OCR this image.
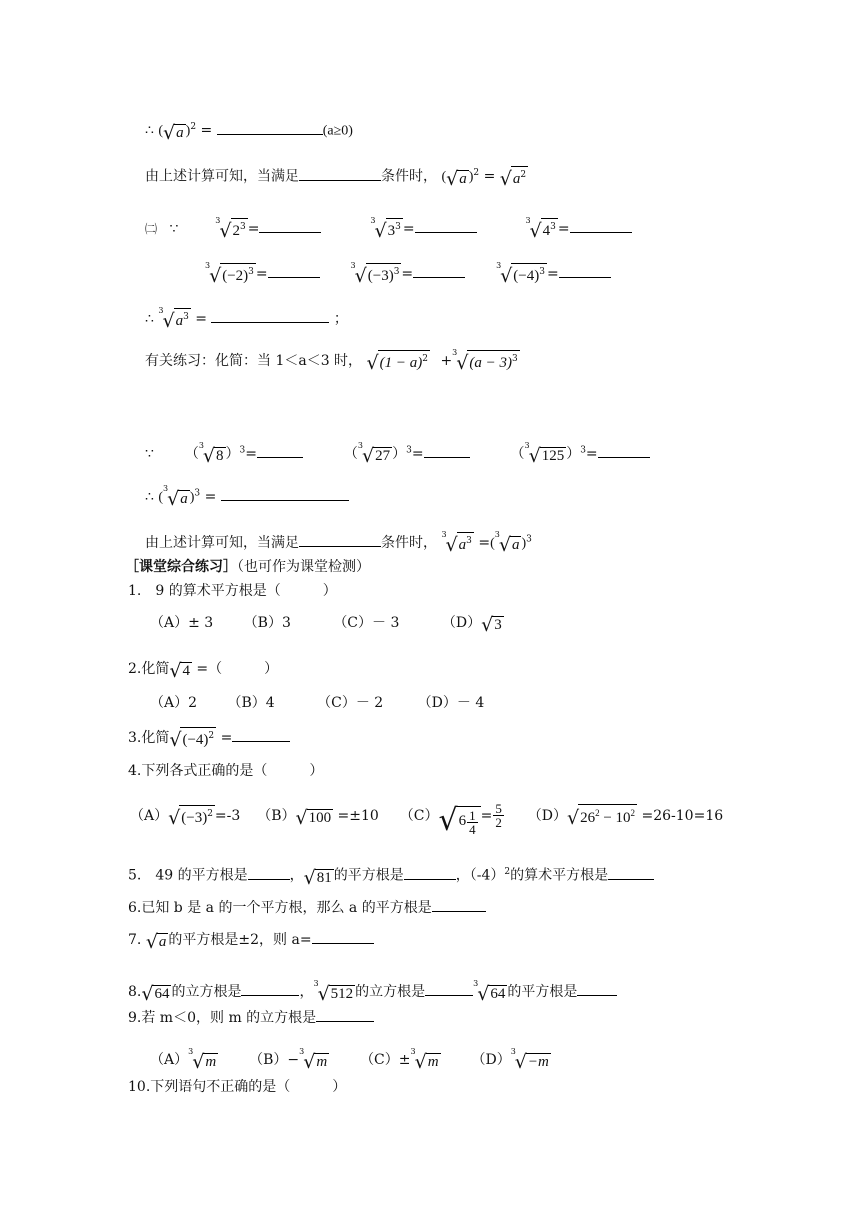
∴ ( √ a )$^2$ =	(a≥0)
由上述计算可知，当满足	条件时， ( √ a )$^2$ = √ $a^2$
㈡ ∵  $^3$ √ $2^3 = ^3$ √ $3^3 = ^3$ √ $4^3$ =
$^3$ √ $(-2)^3 = ^3$ √ $(-3)^3 = ^3$ √ $(-4)^3$ =
∴ $^3$ √ $a^3$ =	；
有关练习：化简：当 1＜a＜3 时， √ $(1 - a)^2 +^3$ √ $(a - 3)^3$
∵ （$^3$ √ 8 ）$^3$=	（$^3$ √ 27 ）$^3$=	（$^3$ √ 125 ）$^3$=
∴ ($^3$ √ a )$^3$ =
由上述计算可知，当满足	条件时， $^3$ √ $a^3 =(^3$ √ a )$^3$
［课堂综合练习］（也可作为课堂检测）
1.　9 的算术平方根是（　　　）
（A）± 3 （B）3	（C）－ 3	（D） √ 3
2.化简 √ 4 =（　　　）
（A）2 （B）4	（C）－ 2 （D）－ 4
3.化简 √ $(-4)^2$ =
4.下列各式正确的是（　　　）
（A） √ $(-3)^2 =-3$ （B） √ 100 =±10 （C） √ $6 \frac{1}{4} = \frac{5}{2} (D)$ √ $26^2 - 10^2 =26-10=16$
5.　49 的平方根是	， √ 81 的平方根是	，$(-4)^2$的算术平方根是
6.已知 b 是 a 的一个平方根，那么 a 的平方根是
7. √ a 的平方根是±2，则 a=
8. √ 64 的立方根是	，$^3$ √ 512 的立方根是$^3$ √ 64 的平方根是
9.若 m＜0，则 m 的立方根是
$(A)^3$ √ m （B）−$^3$ √ m （C）±$^3$ √ m $(D)^3$ √ −m
10.下列语句不正确的是（　　　）
